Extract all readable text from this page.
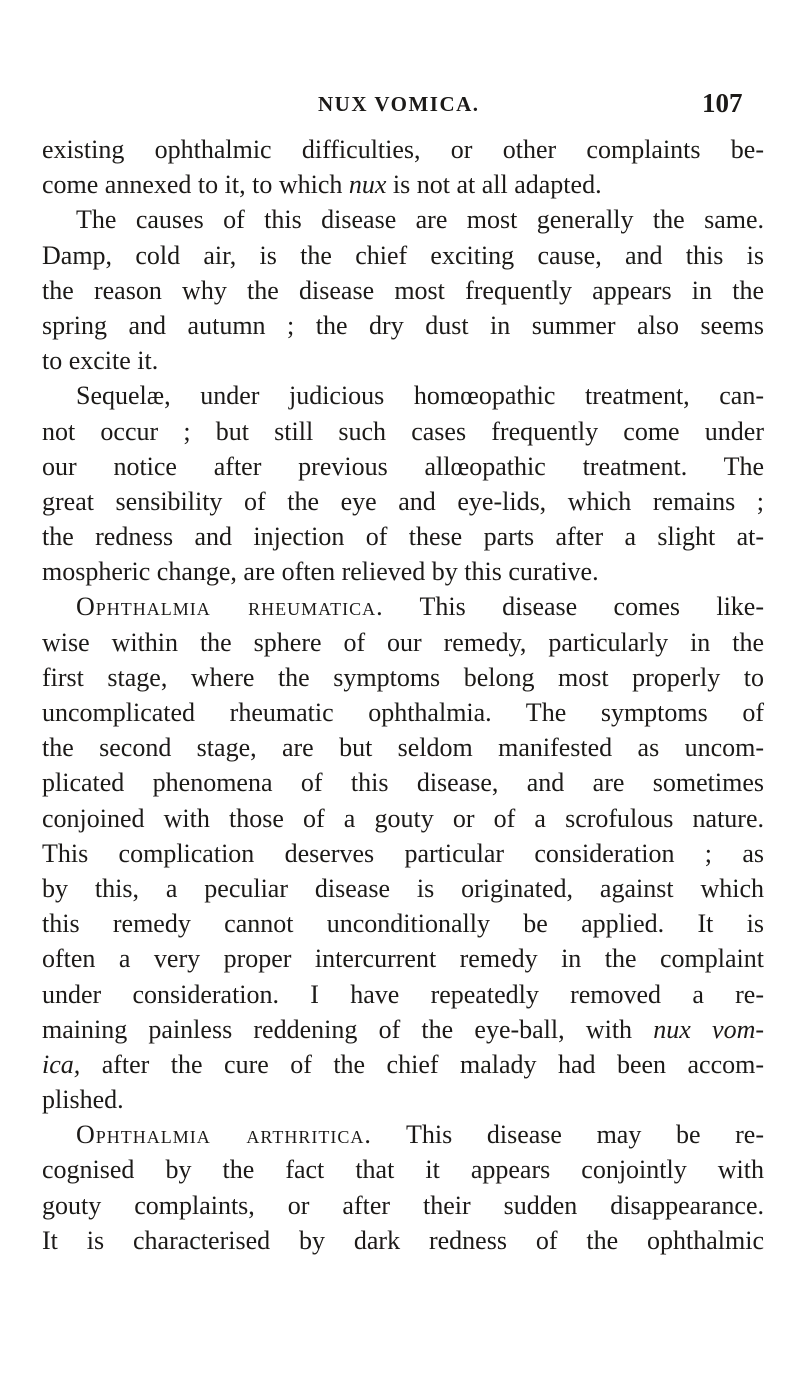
NUX VOMICA.	107
existing ophthalmic difficulties, or other complaints be-
come annexed to it, to which nux is not at all adapted.
The causes of this disease are most generally the same.
Damp, cold air, is the chief exciting cause, and this is
the reason why the disease most frequently appears in the
spring and autumn ; the dry dust in summer also seems
to excite it.
Sequelæ, under judicious homœopathic treatment, can-
not occur ; but still such cases frequently come under
our notice after previous allœopathic treatment. The
great sensibility of the eye and eye-lids, which remains ;
the redness and injection of these parts after a slight at-
mospheric change, are often relieved by this curative.
Ophthalmia rheumatica. This disease comes like-
wise within the sphere of our remedy, particularly in the
first stage, where the symptoms belong most properly to
uncomplicated rheumatic ophthalmia. The symptoms of
the second stage, are but seldom manifested as uncom-
plicated phenomena of this disease, and are sometimes
conjoined with those of a gouty or of a scrofulous nature.
This complication deserves particular consideration ; as
by this, a peculiar disease is originated, against which
this remedy cannot unconditionally be applied. It is
often a very proper intercurrent remedy in the complaint
under consideration. I have repeatedly removed a re-
maining painless reddening of the eye-ball, with nux vom-
ica, after the cure of the chief malady had been accom-
plished.
Ophthalmia arthritica. This disease may be re-
cognised by the fact that it appears conjointly with
gouty complaints, or after their sudden disappearance.
It is characterised by dark redness of the ophthalmic
